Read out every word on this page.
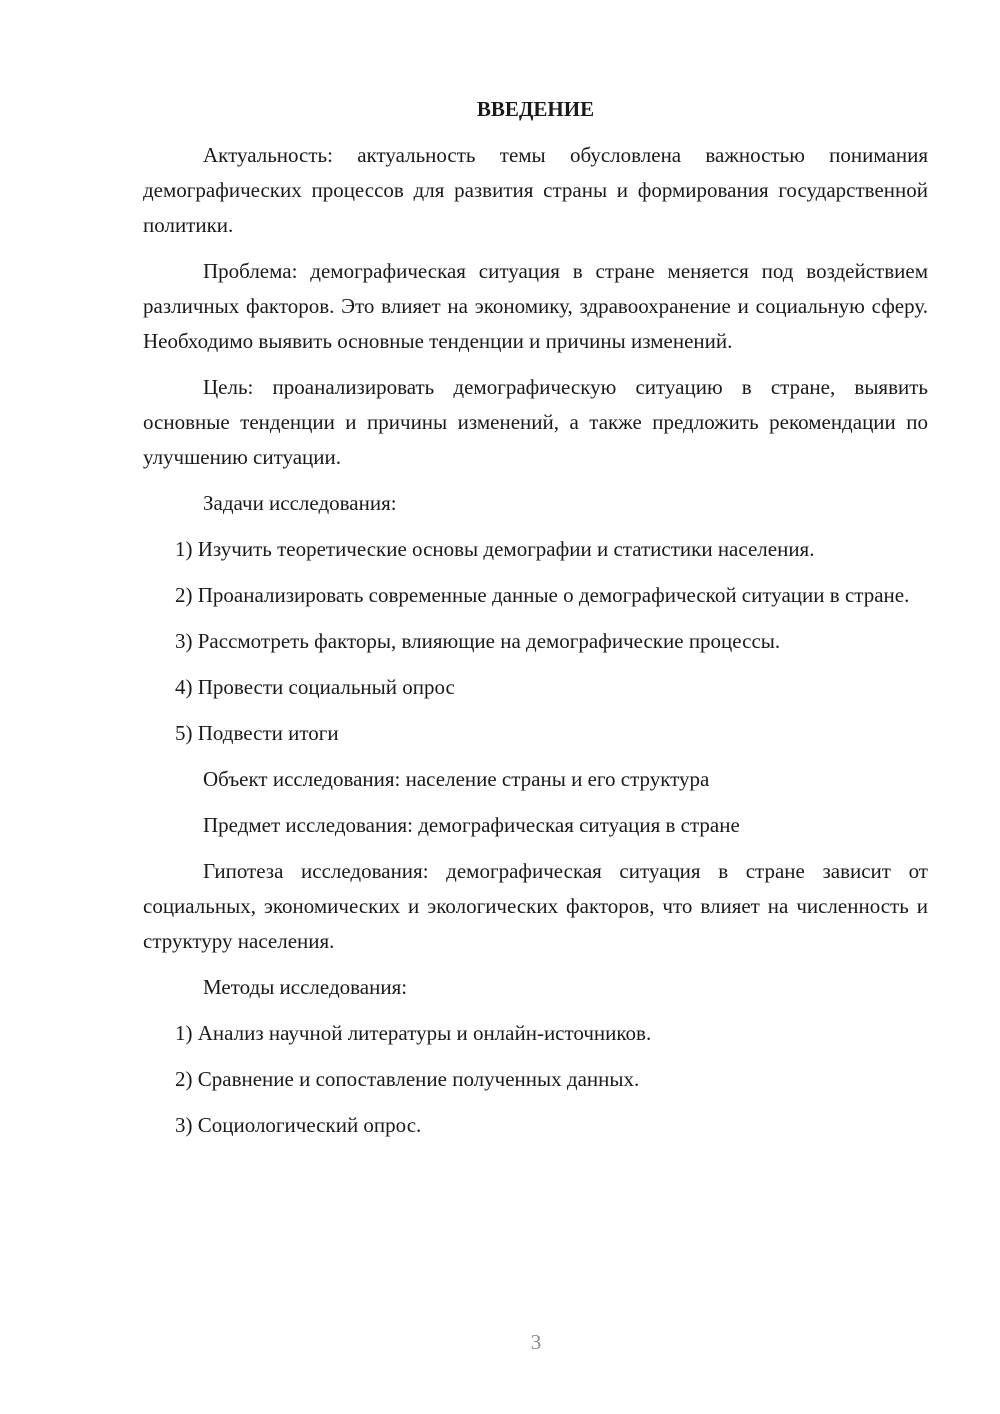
ВВЕДЕНИЕ

Актуальность: актуальность темы обусловлена важностью понимания демографических процессов для развития страны и формирования государственной политики.

Проблема: демографическая ситуация в стране меняется под воздействием различных факторов. Это влияет на экономику, здравоохранение и социальную сферу. Необходимо выявить основные тенденции и причины изменений.

Цель: проанализировать демографическую ситуацию в стране, выявить основные тенденции и причины изменений, а также предложить рекомендации по улучшению ситуации.

Задачи исследования:

1) Изучить теоретические основы демографии и статистики населения.

2) Проанализировать современные данные о демографической ситуации в стране.

3) Рассмотреть факторы, влияющие на демографические процессы.

4) Провести социальный опрос

5) Подвести итоги

Объект исследования: население страны и его структура

Предмет исследования: демографическая ситуация в стране

Гипотеза исследования: демографическая ситуация в стране зависит от социальных, экономических и экологических факторов, что влияет на численность и структуру населения.

Методы исследования:

1) Анализ научной литературы и онлайн-источников.

2) Сравнение и сопоставление полученных данных.

3) Социологический опрос.

3
